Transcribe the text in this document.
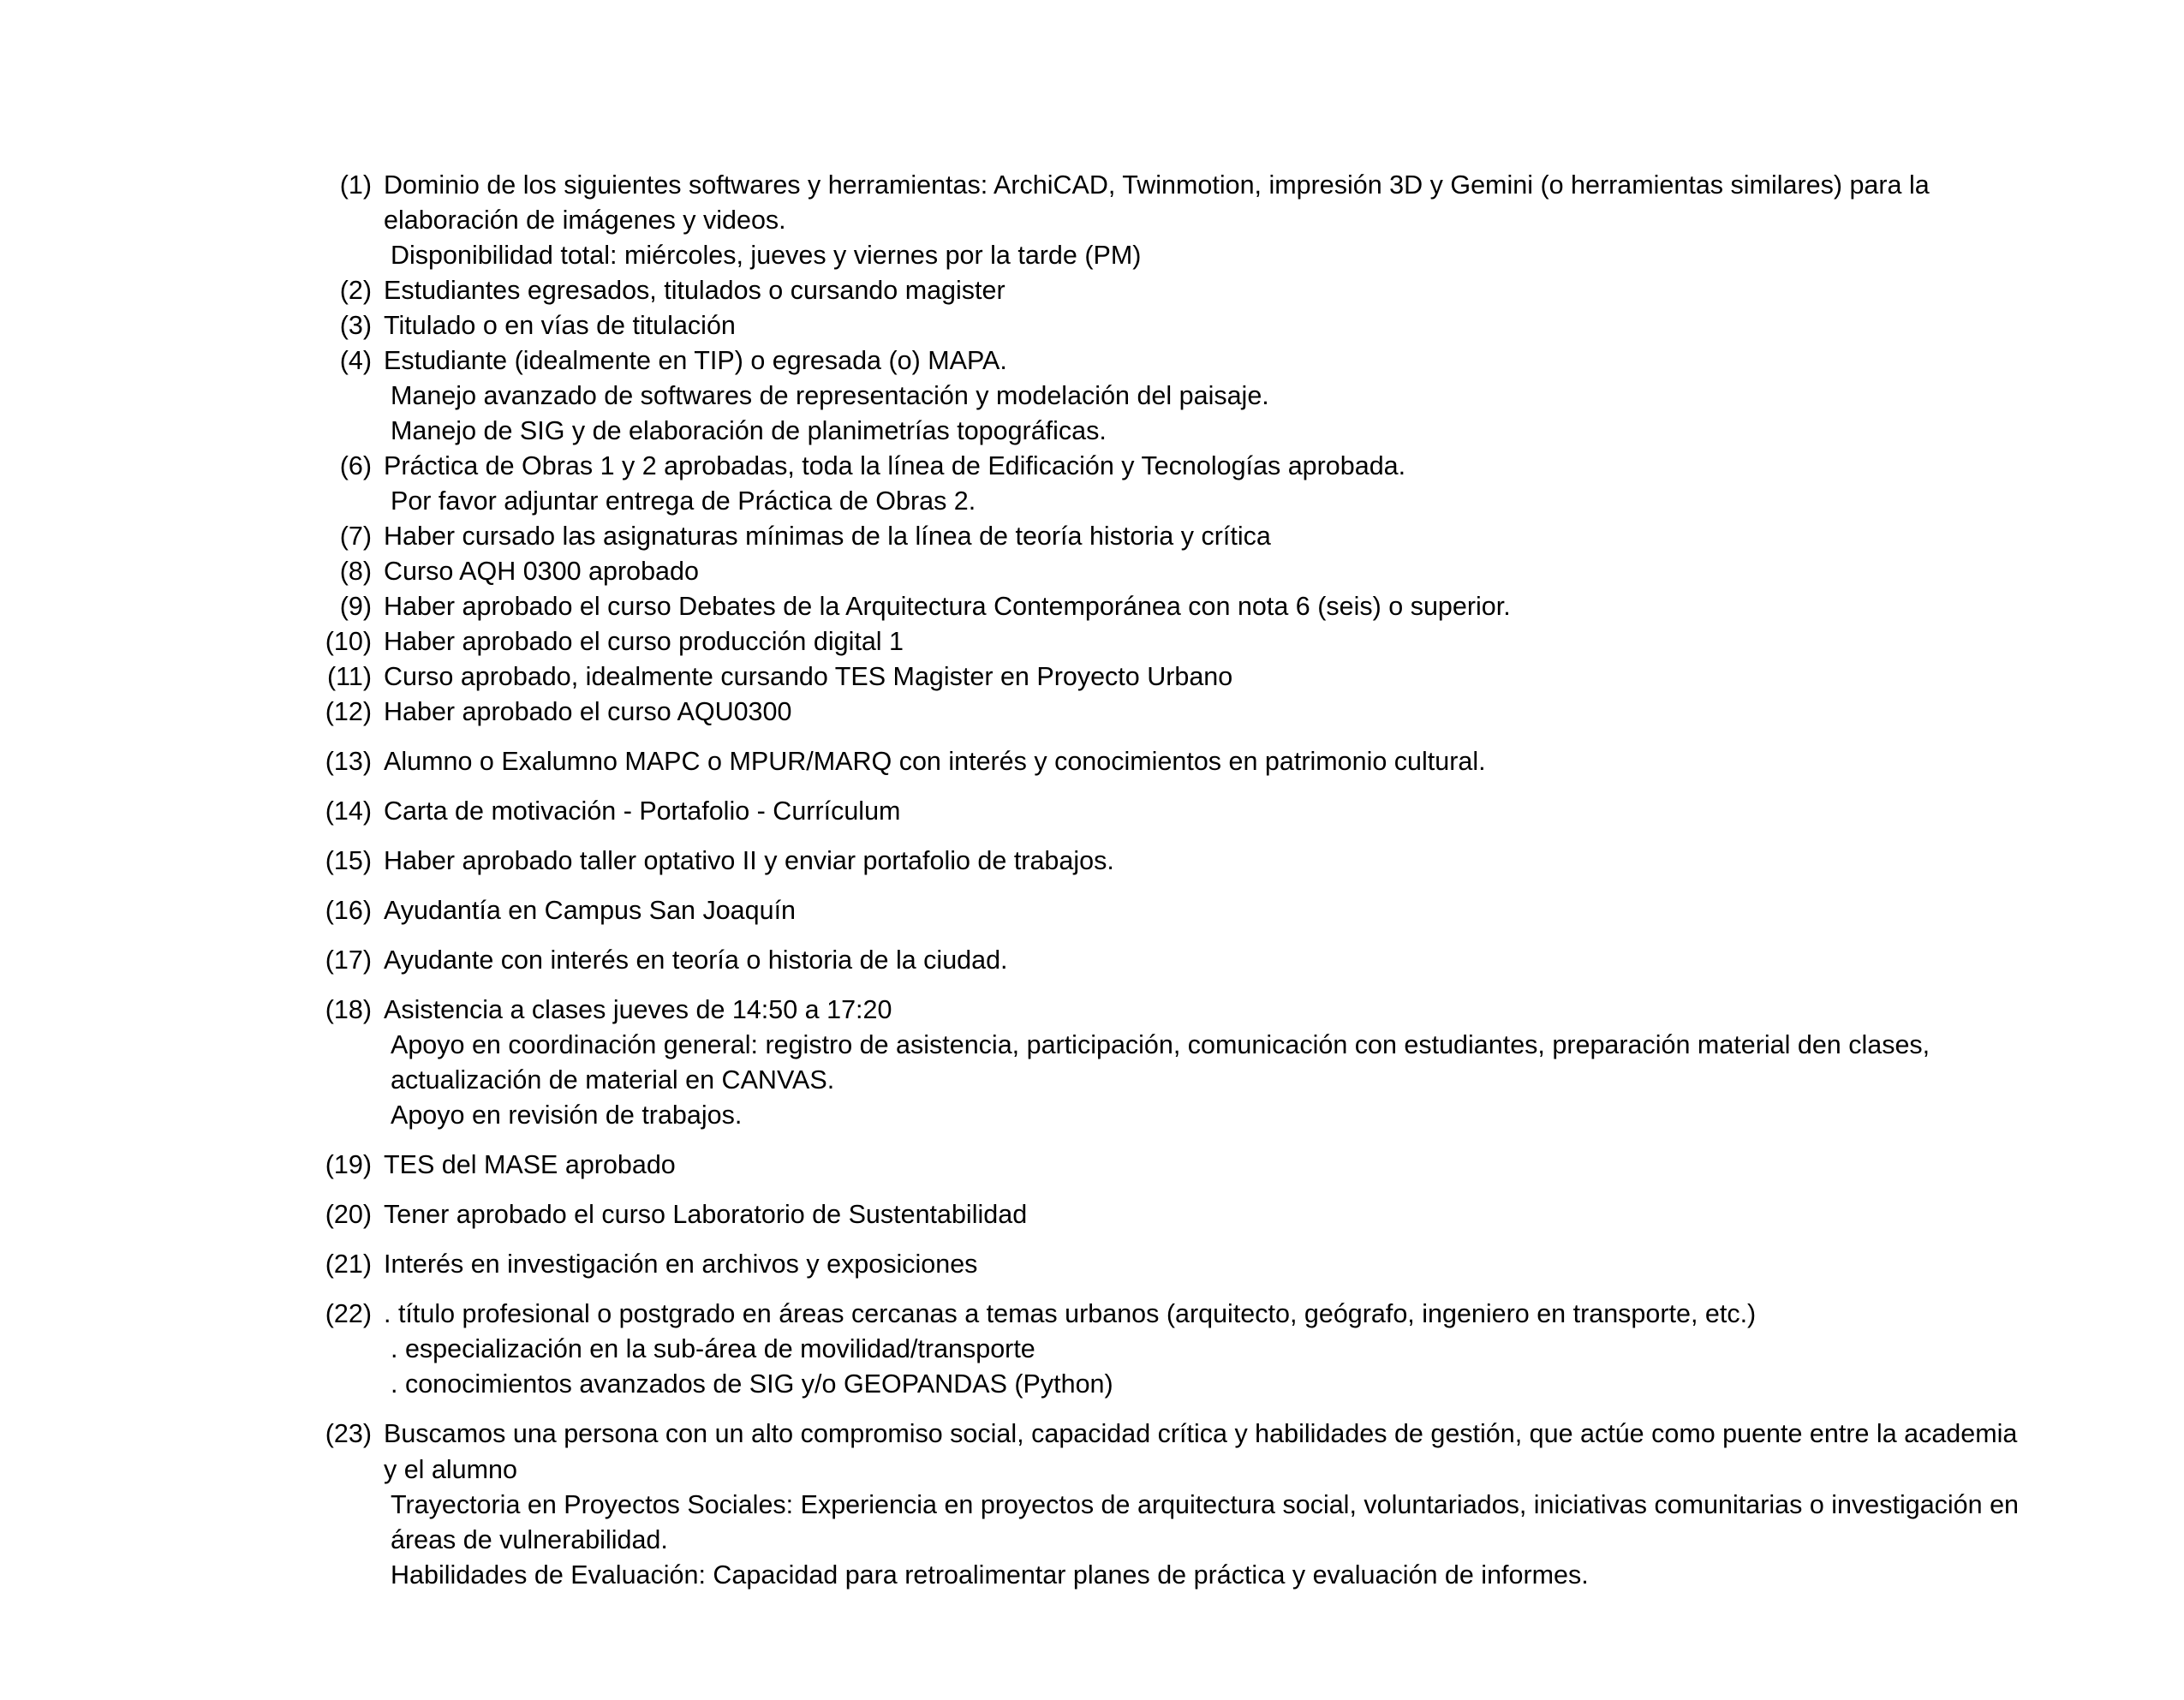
(1) Dominio de los siguientes softwares y herramientas: ArchiCAD, Twinmotion, impresión 3D y Gemini (o herramientas similares) para la elaboración de imágenes y videos.
Disponibilidad total: miércoles, jueves y viernes por la tarde (PM)
(2) Estudiantes egresados, titulados o cursando magister
(3) Titulado o en vías de titulación
(4) Estudiante (idealmente en TIP) o egresada (o) MAPA.
Manejo avanzado de softwares de representación y modelación del paisaje.
Manejo de SIG y de elaboración de planimetrías topográficas.
(6) Práctica de Obras 1 y 2 aprobadas, toda la línea de Edificación y Tecnologías aprobada.
Por favor adjuntar entrega de Práctica de Obras 2.
(7) Haber cursado las asignaturas mínimas de la línea de teoría historia y crítica
(8) Curso AQH 0300 aprobado
(9) Haber aprobado el curso Debates de la Arquitectura Contemporánea con nota 6 (seis) o superior.
(10) Haber aprobado el curso producción digital 1
(11) Curso aprobado, idealmente cursando TES Magister en Proyecto Urbano
(12) Haber aprobado el curso AQU0300
(13) Alumno o Exalumno MAPC o MPUR/MARQ con interés y conocimientos en patrimonio cultural.
(14) Carta de motivación - Portafolio - Currículum
(15) Haber aprobado taller optativo II y enviar portafolio de trabajos.
(16) Ayudantía en Campus San Joaquín
(17) Ayudante con interés en teoría o historia de la ciudad.
(18) Asistencia a clases jueves de 14:50 a 17:20
Apoyo en coordinación general: registro de asistencia, participación, comunicación con estudiantes, preparación material den clases, actualización de material en CANVAS.
Apoyo en revisión de trabajos.
(19) TES del MASE aprobado
(20) Tener aprobado el curso Laboratorio de Sustentabilidad
(21) Interés en investigación en archivos y exposiciones
(22) . título profesional o postgrado en áreas cercanas a temas urbanos (arquitecto, geógrafo, ingeniero en transporte, etc.)
. especialización en la sub-área de movilidad/transporte
. conocimientos avanzados de SIG y/o GEOPANDAS (Python)
(23) Buscamos una persona con un alto compromiso social, capacidad crítica y habilidades de gestión, que actúe como puente entre la academia y el alumno
Trayectoria en Proyectos Sociales: Experiencia en proyectos de arquitectura social, voluntariados, iniciativas comunitarias o investigación en áreas de vulnerabilidad.
Habilidades de Evaluación: Capacidad para retroalimentar planes de práctica y evaluación de informes.
